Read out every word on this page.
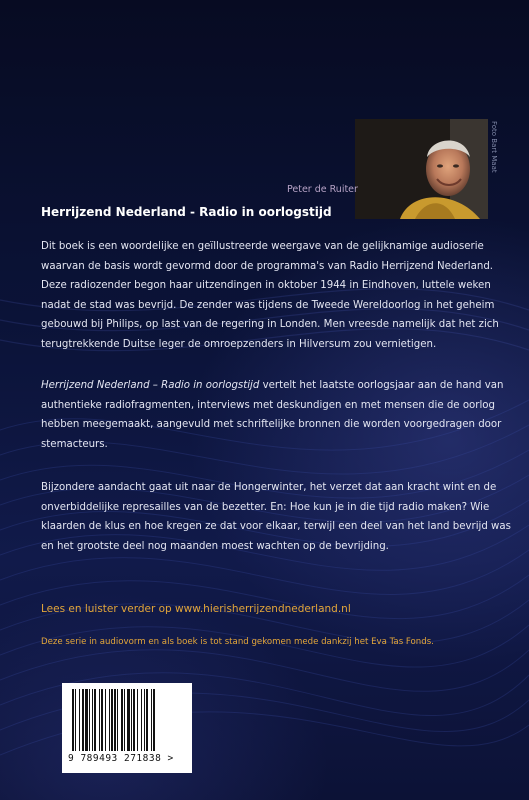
Foto Bart Maat
Peter de Ruiter
Herrijzend Nederland - Radio in oorlogstijd

Dit boek is een woordelijke en geïllustreerde weergave van de gelijknamige audioserie waarvan de basis wordt gevormd door de programma's van Radio Herrijzend Nederland. Deze radiozender begon haar uitzendingen in oktober 1944 in Eindhoven, luttele weken nadat de stad was bevrijd. De zender was tijdens de Tweede Wereldoorlog in het geheim gebouwd bij Philips, op last van de regering in Londen. Men vreesde namelijk dat het zich terugtrekkende Duitse leger de omroepzenders in Hilversum zou vernietigen.

Herrijzend Nederland – Radio in oorlogstijd vertelt het laatste oorlogsjaar aan de hand van authentieke radiofragmenten, interviews met deskundigen en met mensen die de oorlog hebben meegemaakt, aangevuld met schriftelijke bronnen die worden voorgedragen door stemacteurs.

Bijzondere aandacht gaat uit naar de Hongerwinter, het verzet dat aan kracht wint en de onverbiddelijke represailles van de bezetter. En: Hoe kun je in die tijd radio maken? Wie klaarden de klus en hoe kregen ze dat voor elkaar, terwijl een deel van het land bevrijd was en het grootste deel nog maanden moest wachten op de bevrijding.

Lees en luister verder op www.hierisherrijzendnederland.nl
Deze serie in audiovorm en als boek is tot stand gekomen mede dankzij het Eva Tas Fonds.
9 789493 271838 >
